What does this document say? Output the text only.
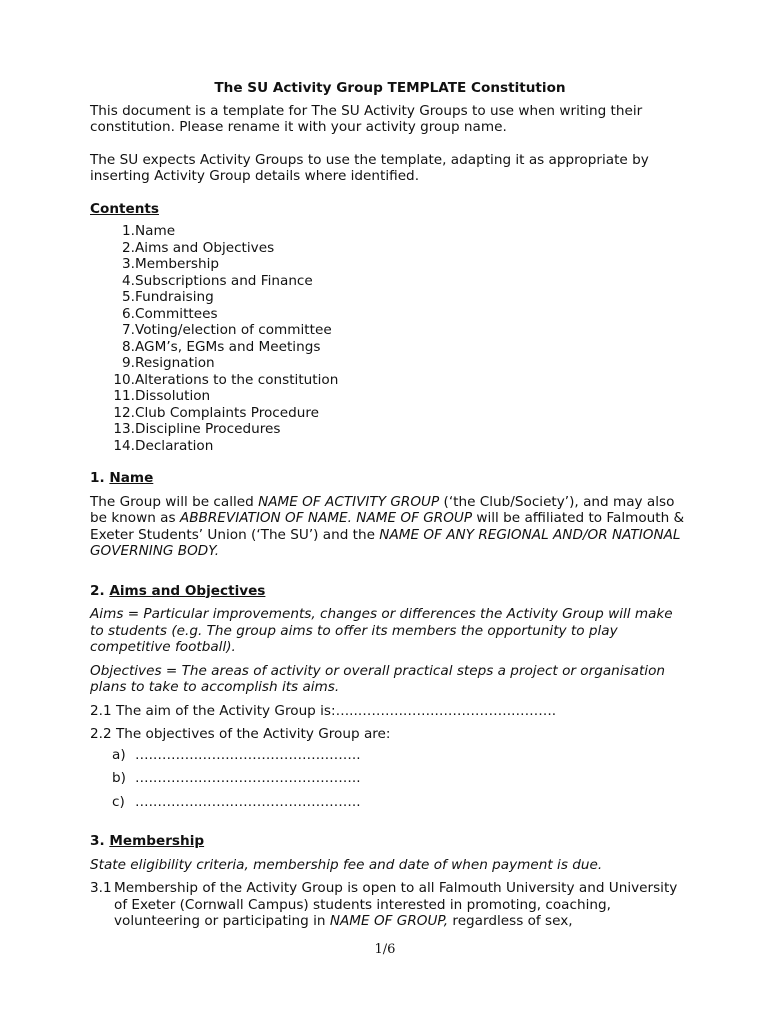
The SU Activity Group TEMPLATE Constitution

This document is a template for The SU Activity Groups to use when writing their constitution. Please rename it with your activity group name.

The SU expects Activity Groups to use the template, adapting it as appropriate by inserting Activity Group details where identified.

Contents

1. Name
2. Aims and Objectives
3. Membership
4. Subscriptions and Finance
5. Fundraising
6. Committees
7. Voting/election of committee
8. AGM’s, EGMs and Meetings
9. Resignation
10. Alterations to the constitution
11. Dissolution
12. Club Complaints Procedure
13. Discipline Procedures
14. Declaration

1. Name

The Group will be called NAME OF ACTIVITY GROUP (‘the Club/Society’), and may also be known as ABBREVIATION OF NAME. NAME OF GROUP will be affiliated to Falmouth & Exeter Students’ Union (‘The SU’) and the NAME OF ANY REGIONAL AND/OR NATIONAL GOVERNING BODY.

2. Aims and Objectives

Aims = Particular improvements, changes or differences the Activity Group will make to students (e.g. The group aims to offer its members the opportunity to play competitive football).

Objectives = The areas of activity or overall practical steps a project or organisation plans to take to accomplish its aims.

2.1 The aim of the Activity Group is:…..……….…….….………….……….

2.2 The objectives of the Activity Group are:

a) ….……….…….………………………..
b) ….……….…….………………………..
c) ….……….…….………………………..

3. Membership

State eligibility criteria, membership fee and date of when payment is due.

3.1 Membership of the Activity Group is open to all Falmouth University and University of Exeter (Cornwall Campus) students interested in promoting, coaching, volunteering or participating in NAME OF GROUP, regardless of sex,
1/6
